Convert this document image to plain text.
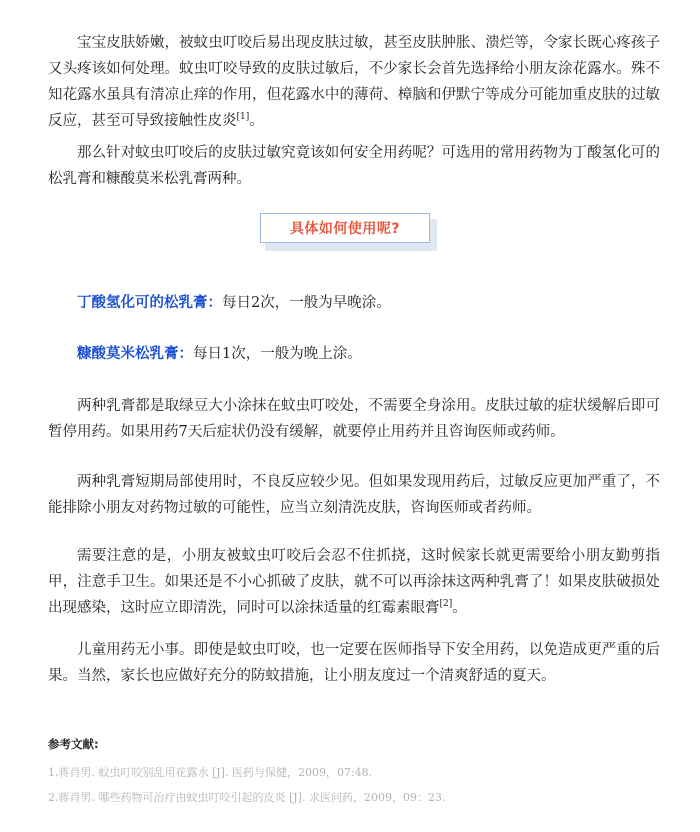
宝宝皮肤娇嫩，被蚊虫叮咬后易出现皮肤过敏，甚至皮肤肿胀、溃烂等，令家长既心疼孩子又头疼该如何处理。蚊虫叮咬导致的皮肤过敏后，不少家长会首先选择给小朋友涂花露水。殊不知花露水虽具有清凉止痒的作用，但花露水中的薄荷、樟脑和伊默宁等成分可能加重皮肤的过敏反应，甚至可导致接触性皮炎[1]。

那么针对蚊虫叮咬后的皮肤过敏究竟该如何安全用药呢？可选用的常用药物为丁酸氢化可的松乳膏和糠酸莫米松乳膏两种。

具体如何使用呢?

丁酸氢化可的松乳膏：每日2次，一般为早晚涂。

糠酸莫米松乳膏：每日1次，一般为晚上涂。

两种乳膏都是取绿豆大小涂抹在蚊虫叮咬处，不需要全身涂用。皮肤过敏的症状缓解后即可暂停用药。如果用药7天后症状仍没有缓解，就要停止用药并且咨询医师或药师。

两种乳膏短期局部使用时，不良反应较少见。但如果发现用药后，过敏反应更加严重了，不能排除小朋友对药物过敏的可能性，应当立刻清洗皮肤，咨询医师或者药师。

需要注意的是，小朋友被蚊虫叮咬后会忍不住抓挠，这时候家长就更需要给小朋友勤剪指甲，注意手卫生。如果还是不小心抓破了皮肤，就不可以再涂抹这两种乳膏了！如果皮肤破损处出现感染，这时应立即清洗，同时可以涂抹适量的红霉素眼膏[2]。

儿童用药无小事。即使是蚊虫叮咬，也一定要在医师指导下安全用药，以免造成更严重的后果。当然，家长也应做好充分的防蚊措施，让小朋友度过一个清爽舒适的夏天。

参考文献:

1.蒋肖男. 蚊虫叮咬别乱用花露水 [J]. 医药与保健，2009，07:48.

2.蒋肖男. 哪些药物可治疗由蚊虫叮咬引起的皮炎 [J]. 求医问药，2009，09：23.
